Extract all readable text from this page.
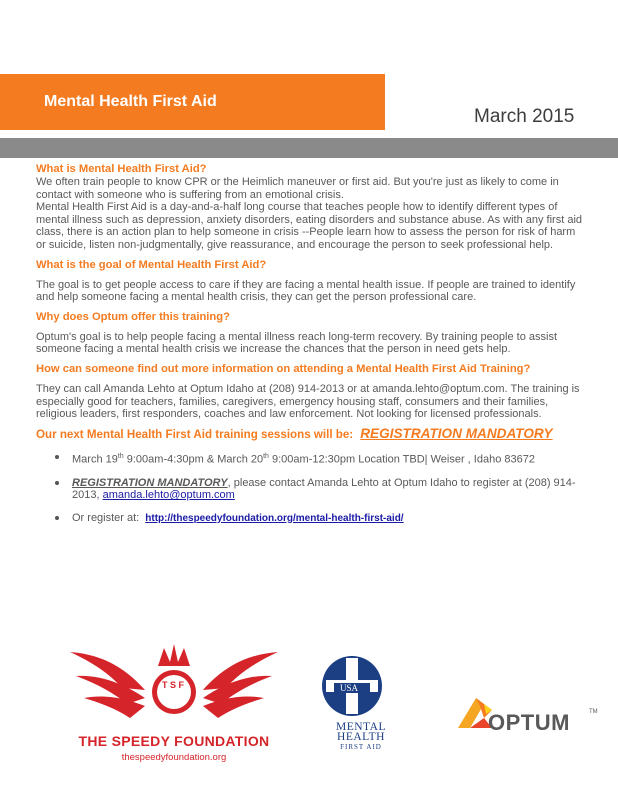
Mental Health First Aid
March 2015
What is Mental Health First Aid?

We often train people to know CPR or the Heimlich maneuver or first aid. But you're just as likely to come in contact with someone who is suffering from an emotional crisis.

Mental Health First Aid is a day-and-a-half long course that teaches people how to identify different types of mental illness such as depression, anxiety disorders, eating disorders and substance abuse. As with any first aid class, there is an action plan to help someone in crisis --People learn how to assess the person for risk of harm or suicide, listen non-judgmentally, give reassurance, and encourage the person to seek professional help.

What is the goal of Mental Health First Aid?

The goal is to get people access to care if they are facing a mental health issue. If people are trained to identify and help someone facing a mental health crisis, they can get the person professional care.

Why does Optum offer this training?

Optum's goal is to help people facing a mental illness reach long-term recovery. By training people to assist someone facing a mental health crisis we increase the chances that the person in need gets help.

How can someone find out more information on attending a Mental Health First Aid Training?

They can call Amanda Lehto at Optum Idaho at (208) 914-2013 or at amanda.lehto@optum.com. The training is especially good for teachers, families, caregivers, emergency housing staff, consumers and their families, religious leaders, first responders, coaches and law enforcement. Not looking for licensed professionals.

Our next Mental Health First Aid training sessions will be: REGISTRATION MANDATORY
March 19th 9:00am-4:30pm & March 20th 9:00am-12:30pm Location TBD| Weiser , Idaho 83672
REGISTRATION MANDATORY, please contact Amanda Lehto at Optum Idaho to register at (208) 914-2013, amanda.lehto@optum.com
Or register at: http://thespeedyfoundation.org/mental-health-first-aid/
T S F	USA
THE SPEEDY FOUNDATION
thespeedyfoundation.org
MENTAL
HEALTH
FIRST AID
OPTUM	TM
